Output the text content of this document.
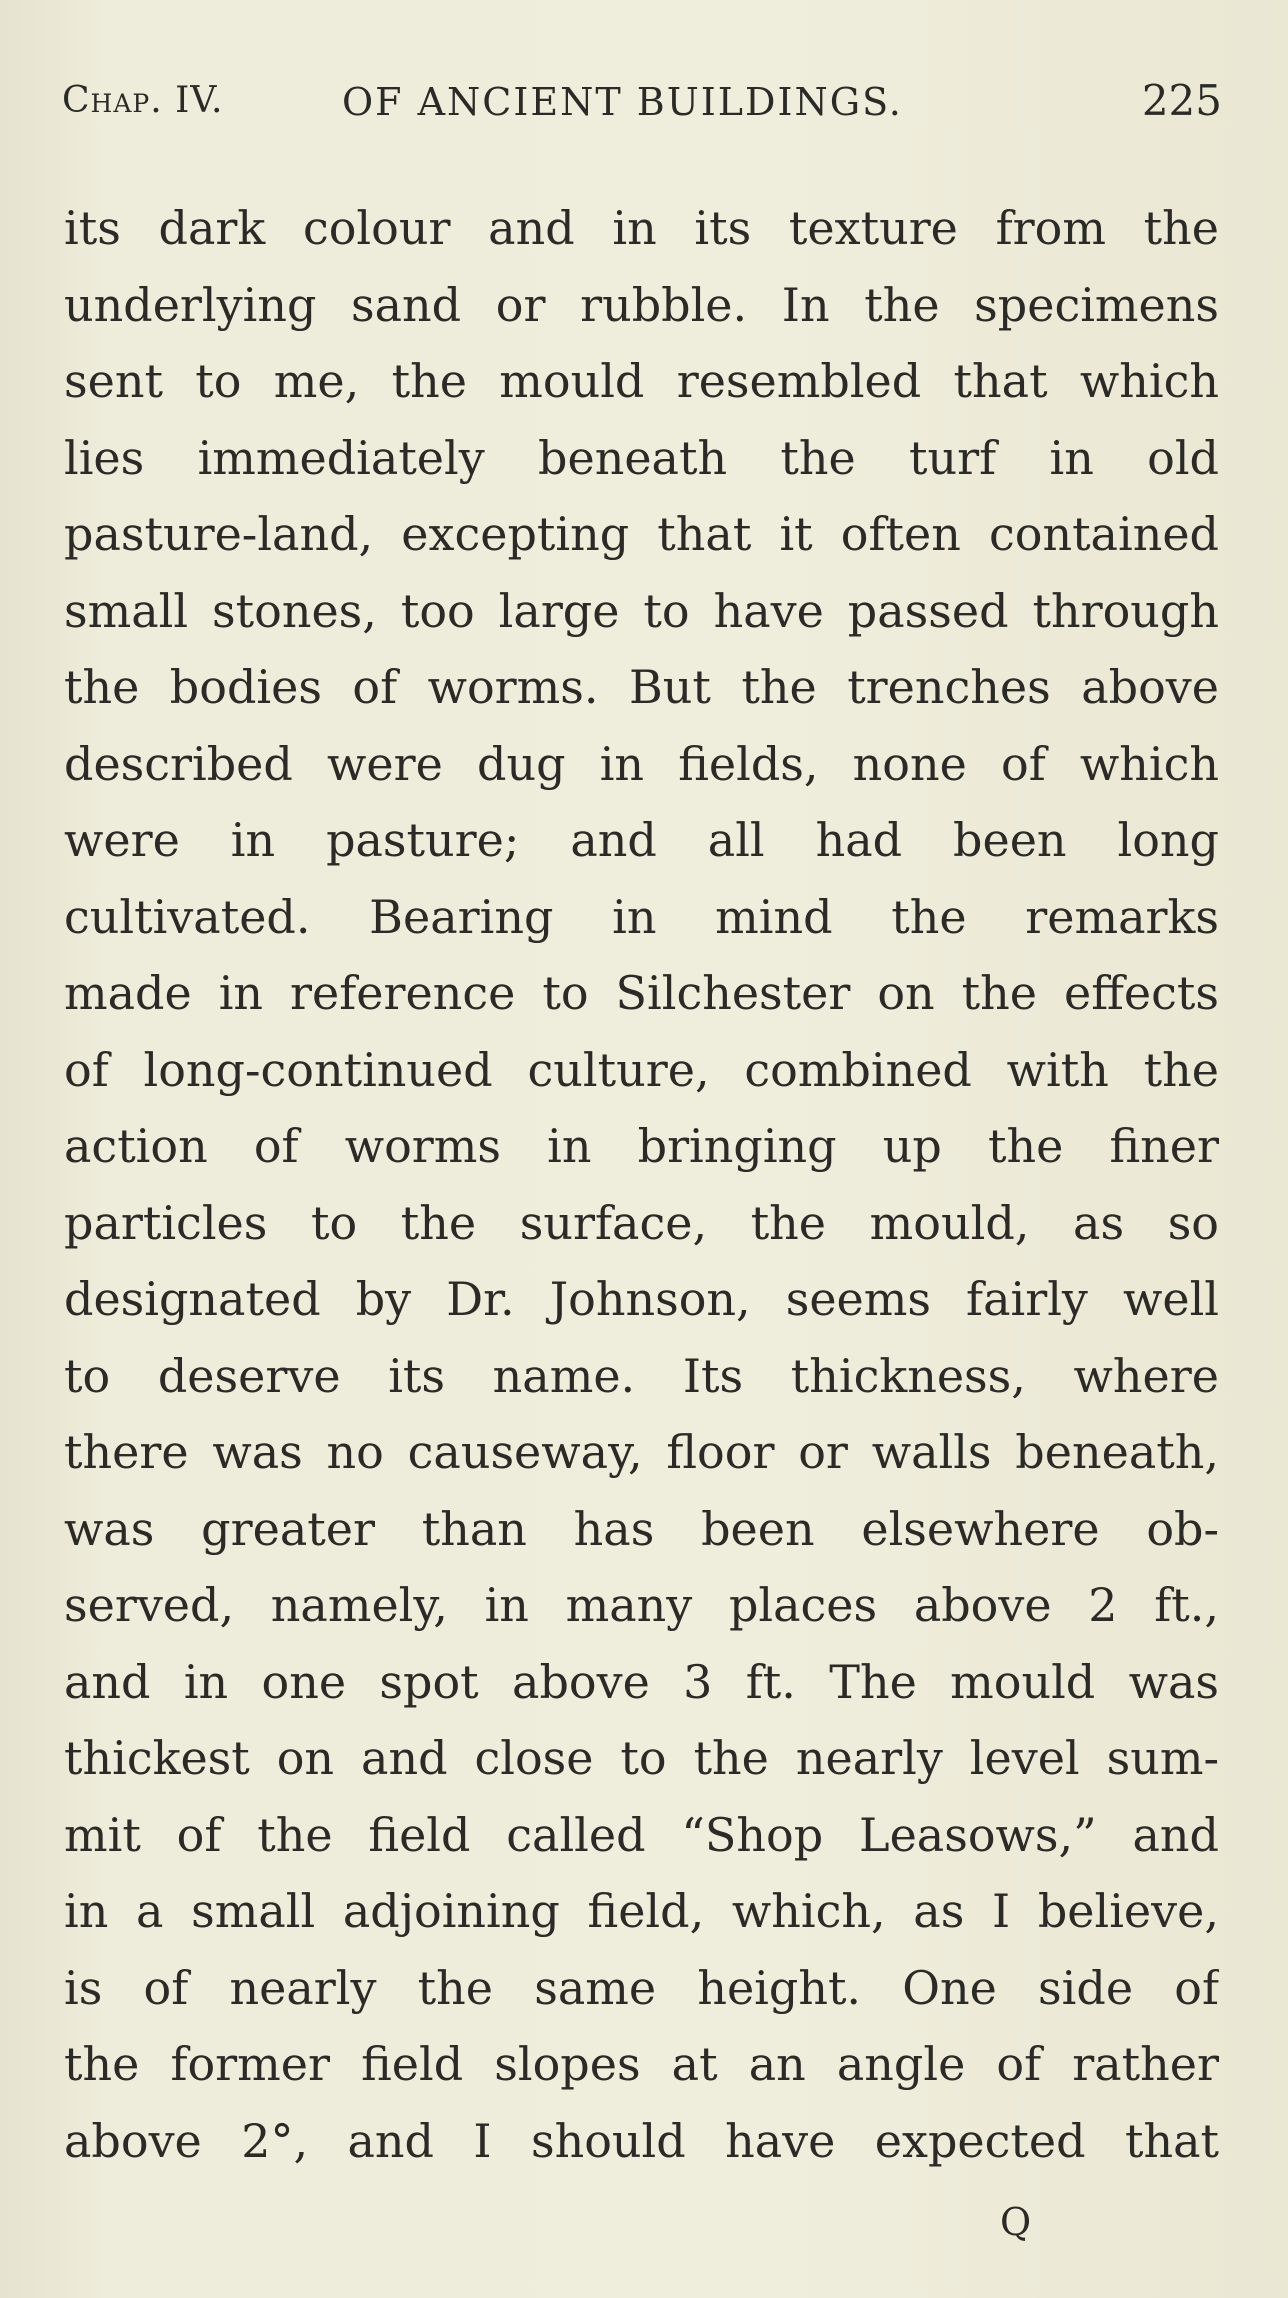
Chap. IV.	OF ANCIENT BUILDINGS.	225
its dark colour and in its texture from the
underlying sand or rubble. In the specimens
sent to me, the mould resembled that which
lies immediately beneath the turf in old
pasture-land, excepting that it often contained
small stones, too large to have passed through
the bodies of worms. But the trenches above
described were dug in fields, none of which
were in pasture; and all had been long
cultivated. Bearing in mind the remarks
made in reference to Silchester on the effects
of long-continued culture, combined with the
action of worms in bringing up the finer
particles to the surface, the mould, as so
designated by Dr. Johnson, seems fairly well
to deserve its name. Its thickness, where
there was no causeway, floor or walls beneath,
was greater than has been elsewhere ob-
served, namely, in many places above 2 ft.,
and in one spot above 3 ft. The mould was
thickest on and close to the nearly level sum-
mit of the field called “Shop Leasows,” and
in a small adjoining field, which, as I believe,
is of nearly the same height. One side of
the former field slopes at an angle of rather
above 2°, and I should have expected that
Q
